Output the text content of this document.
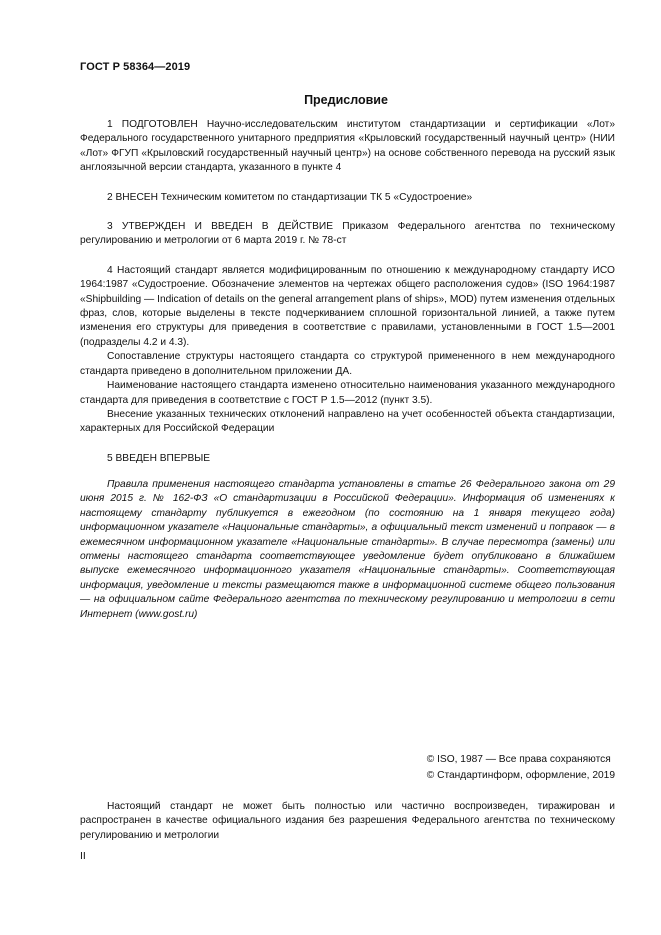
ГОСТ Р 58364—2019
Предисловие

1 ПОДГОТОВЛЕН Научно-исследовательским институтом стандартизации и сертификации «Лот» Федерального государственного унитарного предприятия «Крыловский государственный научный центр» (НИИ «Лот» ФГУП «Крыловский государственный научный центр») на основе собственного перевода на русский язык англоязычной версии стандарта, указанного в пункте 4

2 ВНЕСЕН Техническим комитетом по стандартизации ТК 5 «Судостроение»

3 УТВЕРЖДЕН И ВВЕДЕН В ДЕЙСТВИЕ Приказом Федерального агентства по техническому регулированию и метрологии от 6 марта 2019 г. № 78-ст

4 Настоящий стандарт является модифицированным по отношению к международному стандарту ИСО 1964:1987 «Судостроение. Обозначение элементов на чертежах общего расположения судов» (ISO 1964:1987 «Shipbuilding — Indication of details on the general arrangement plans of ships», MOD) путем изменения отдельных фраз, слов, которые выделены в тексте подчеркиванием сплошной горизонтальной линией, а также путем изменения его структуры для приведения в соответствие с правилами, установленными в ГОСТ 1.5—2001 (подразделы 4.2 и 4.3).

Сопоставление структуры настоящего стандарта со структурой примененного в нем международного стандарта приведено в дополнительном приложении ДА.

Наименование настоящего стандарта изменено относительно наименования указанного международного стандарта для приведения в соответствие с ГОСТ Р 1.5—2012 (пункт 3.5).

Внесение указанных технических отклонений направлено на учет особенностей объекта стандартизации, характерных для Российской Федерации

5 ВВЕДЕН ВПЕРВЫЕ

Правила применения настоящего стандарта установлены в статье 26 Федерального закона от 29 июня 2015 г. № 162-ФЗ «О стандартизации в Российской Федерации». Информация об изменениях к настоящему стандарту публикуется в ежегодном (по состоянию на 1 января текущего года) информационном указателе «Национальные стандарты», а официальный текст изменений и поправок — в ежемесячном информационном указателе «Национальные стандарты». В случае пересмотра (замены) или отмены настоящего стандарта соответствующее уведомление будет опубликовано в ближайшем выпуске ежемесячного информационного указателя «Национальные стандарты». Соответствующая информация, уведомление и тексты размещаются также в информационной системе общего пользования — на официальном сайте Федерального агентства по техническому регулированию и метрологии в сети Интернет (www.gost.ru)

© ISO, 1987 — Все права сохраняются
© Стандартинформ, оформление, 2019

Настоящий стандарт не может быть полностью или частично воспроизведен, тиражирован и распространен в качестве официального издания без разрешения Федерального агентства по техническому регулированию и метрологии

II
